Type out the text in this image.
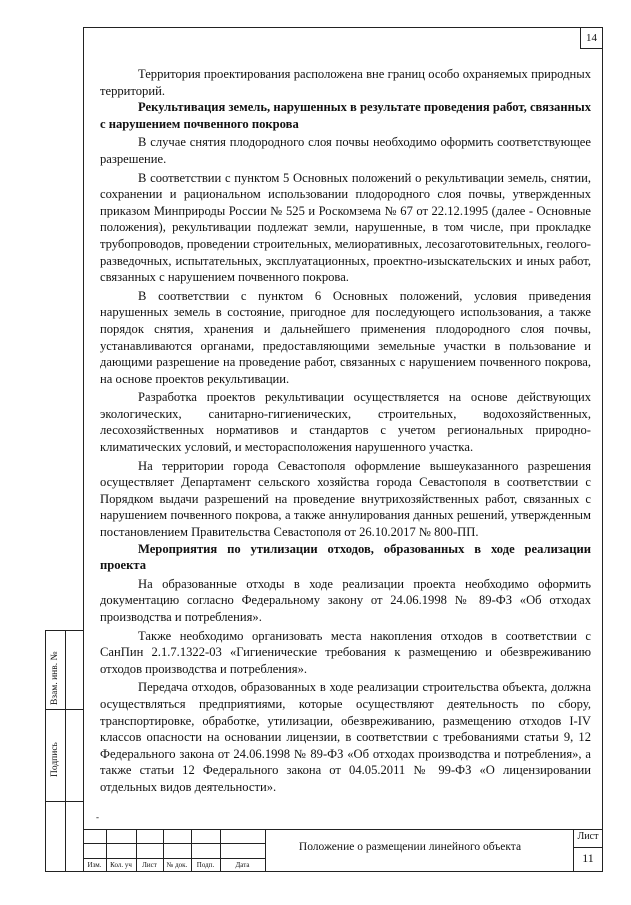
14

Территория проектирования расположена вне границ особо охраняемых природных территорий.

Рекультивация земель, нарушенных в результате проведения работ, связанных с нарушением почвенного покрова

В случае снятия плодородного слоя почвы необходимо оформить соответствующее разрешение.

В соответствии с пунктом 5 Основных положений о рекультивации земель, снятии, сохранении и рациональном использовании плодородного слоя почвы, утвержденных приказом Минприроды России № 525 и Роскомзема № 67 от 22.12.1995 (далее - Основные положения), рекультивации подлежат земли, нарушенные, в том числе, при прокладке трубопроводов, проведении строительных, мелиоративных, лесозаготовительных, геолого-разведочных, испытательных, эксплуатационных, проектно-изыскательских и иных работ, связанных с нарушением почвенного покрова.

В соответствии с пунктом 6 Основных положений, условия приведения нарушенных земель в состояние, пригодное для последующего использования, а также порядок снятия, хранения и дальнейшего применения плодородного слоя почвы, устанавливаются органами, предоставляющими земельные участки в пользование и дающими разрешение на проведение работ, связанных с нарушением почвенного покрова, на основе проектов рекультивации.

Разработка проектов рекультивации осуществляется на основе действующих экологических, санитарно-гигиенических, строительных, водохозяйственных, лесохозяйственных нормативов и стандартов с учетом региональных природно-климатических условий, и месторасположения нарушенного участка.

На территории города Севастополя оформление вышеуказанного разрешения осуществляет Департамент сельского хозяйства города Севастополя в соответствии с Порядком выдачи разрешений на проведение внутрихозяйственных работ, связанных с нарушением почвенного покрова, а также аннулирования данных решений, утвержденным постановлением Правительства Севастополя от 26.10.2017 № 800-ПП.

Мероприятия по утилизации отходов, образованных в ходе реализации проекта

На образованные отходы в ходе реализации проекта необходимо оформить документацию согласно Федеральному закону от 24.06.1998 № 89-ФЗ «Об отходах производства и потребления».

Также необходимо организовать места накопления отходов в соответствии с СанПин 2.1.7.1322-03 «Гигиенические требования к размещению и обезвреживанию отходов производства и потребления».

Передача отходов, образованных в ходе реализации строительства объекта, должна осуществляться предприятиями, которые осуществляют деятельность по сбору, транспортировке, обработке, утилизации, обезвреживанию, размещению отходов I-IV классов опасности на основании лицензии, в соответствии с требованиями статьи 9, 12 Федерального закона от 24.06.1998 № 89-ФЗ «Об отходах производства и потребления», а также статьи 12 Федерального закона от 04.05.2011 № 99-ФЗ «О лицензировании отдельных видов деятельности».

Взам. инв. №
Подпись
-
Изм.	Кол. уч	Лист	№ док.	Подп.	Дата
Положение о размещении линейного объекта
Лист
11
